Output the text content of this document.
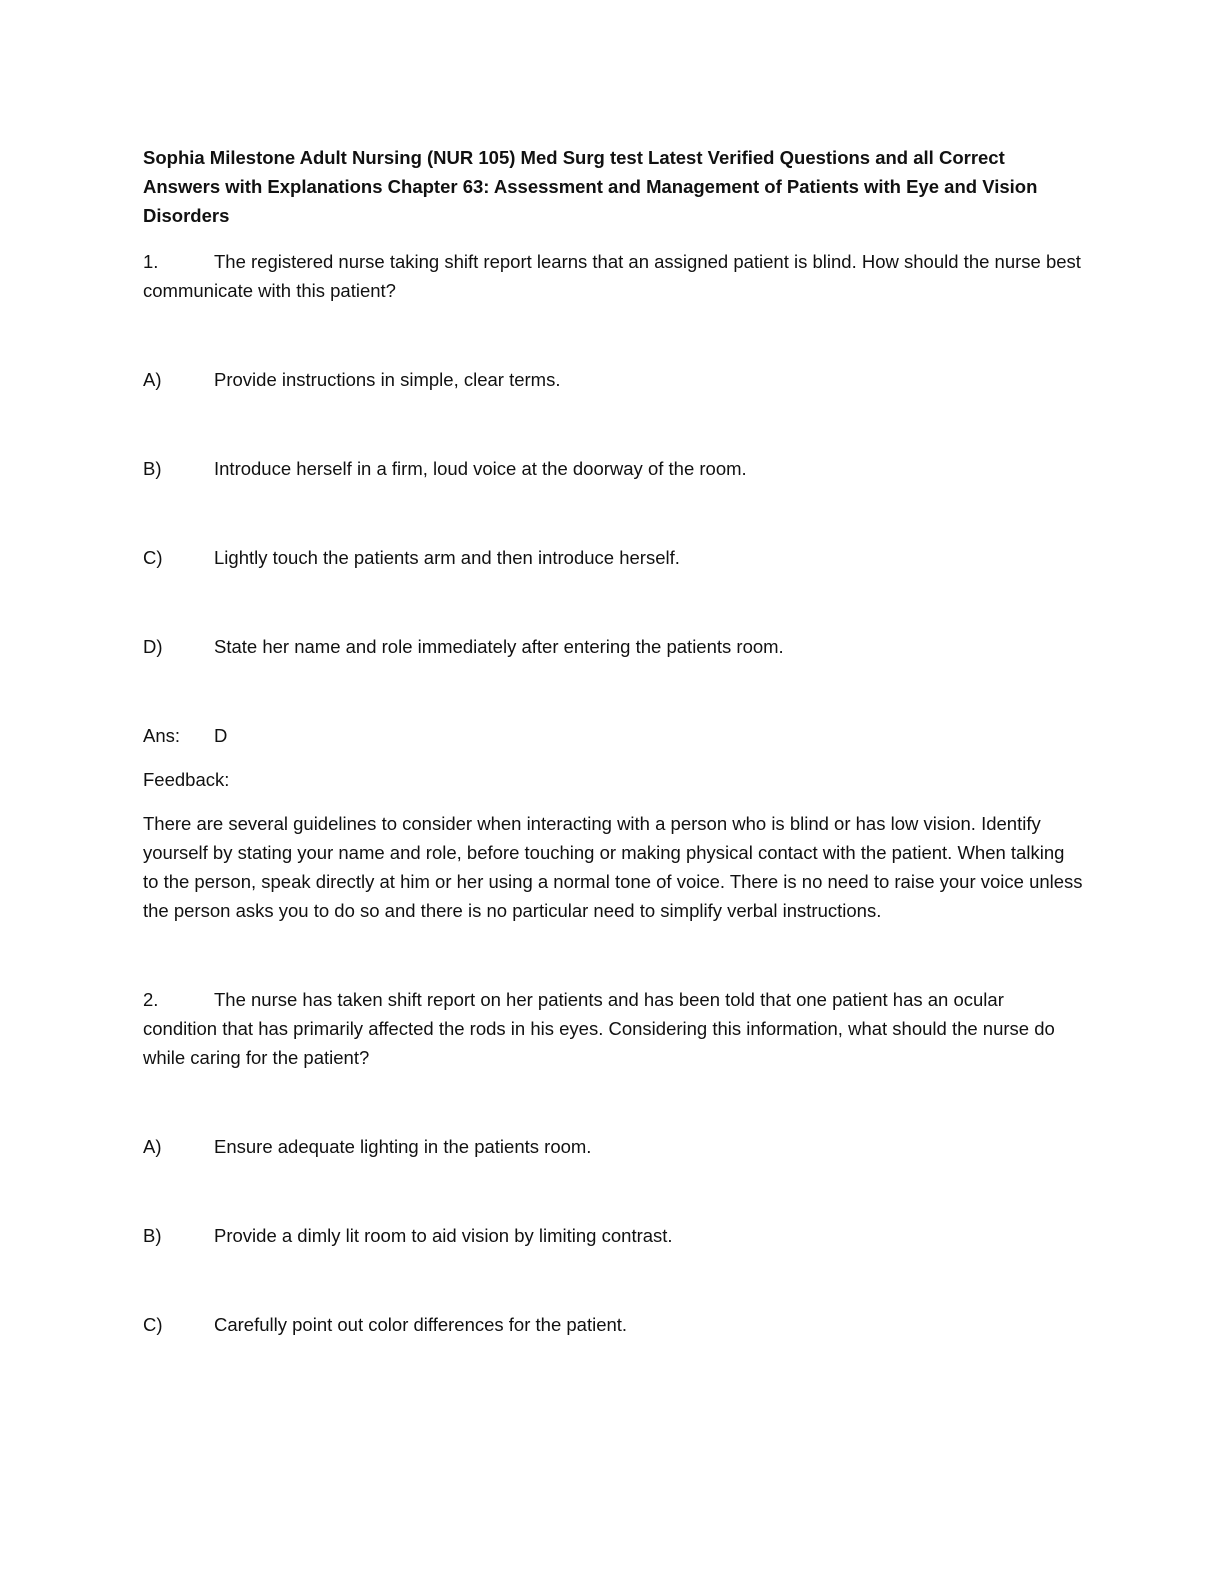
Sophia Milestone Adult Nursing (NUR 105) Med Surg test Latest Verified Questions and all Correct Answers with Explanations Chapter 63: Assessment and Management of Patients with Eye and Vision Disorders

1.	The registered nurse taking shift report learns that an assigned patient is blind. How should the nurse best communicate with this patient?

A)	Provide instructions in simple, clear terms.
B)	Introduce herself in a firm, loud voice at the doorway of the room.
C)	Lightly touch the patients arm and then introduce herself.
D)	State her name and role immediately after entering the patients room.
Ans:	D

Feedback:

There are several guidelines to consider when interacting with a person who is blind or has low vision. Identify yourself by stating your name and role, before touching or making physical contact with the patient. When talking to the person, speak directly at him or her using a normal tone of voice. There is no need to raise your voice unless the person asks you to do so and there is no particular need to simplify verbal instructions.

2.	The nurse has taken shift report on her patients and has been told that one patient has an ocular condition that has primarily affected the rods in his eyes. Considering this information, what should the nurse do while caring for the patient?

A)	Ensure adequate lighting in the patients room.
B)	Provide a dimly lit room to aid vision by limiting contrast.
C)	Carefully point out color differences for the patient.
